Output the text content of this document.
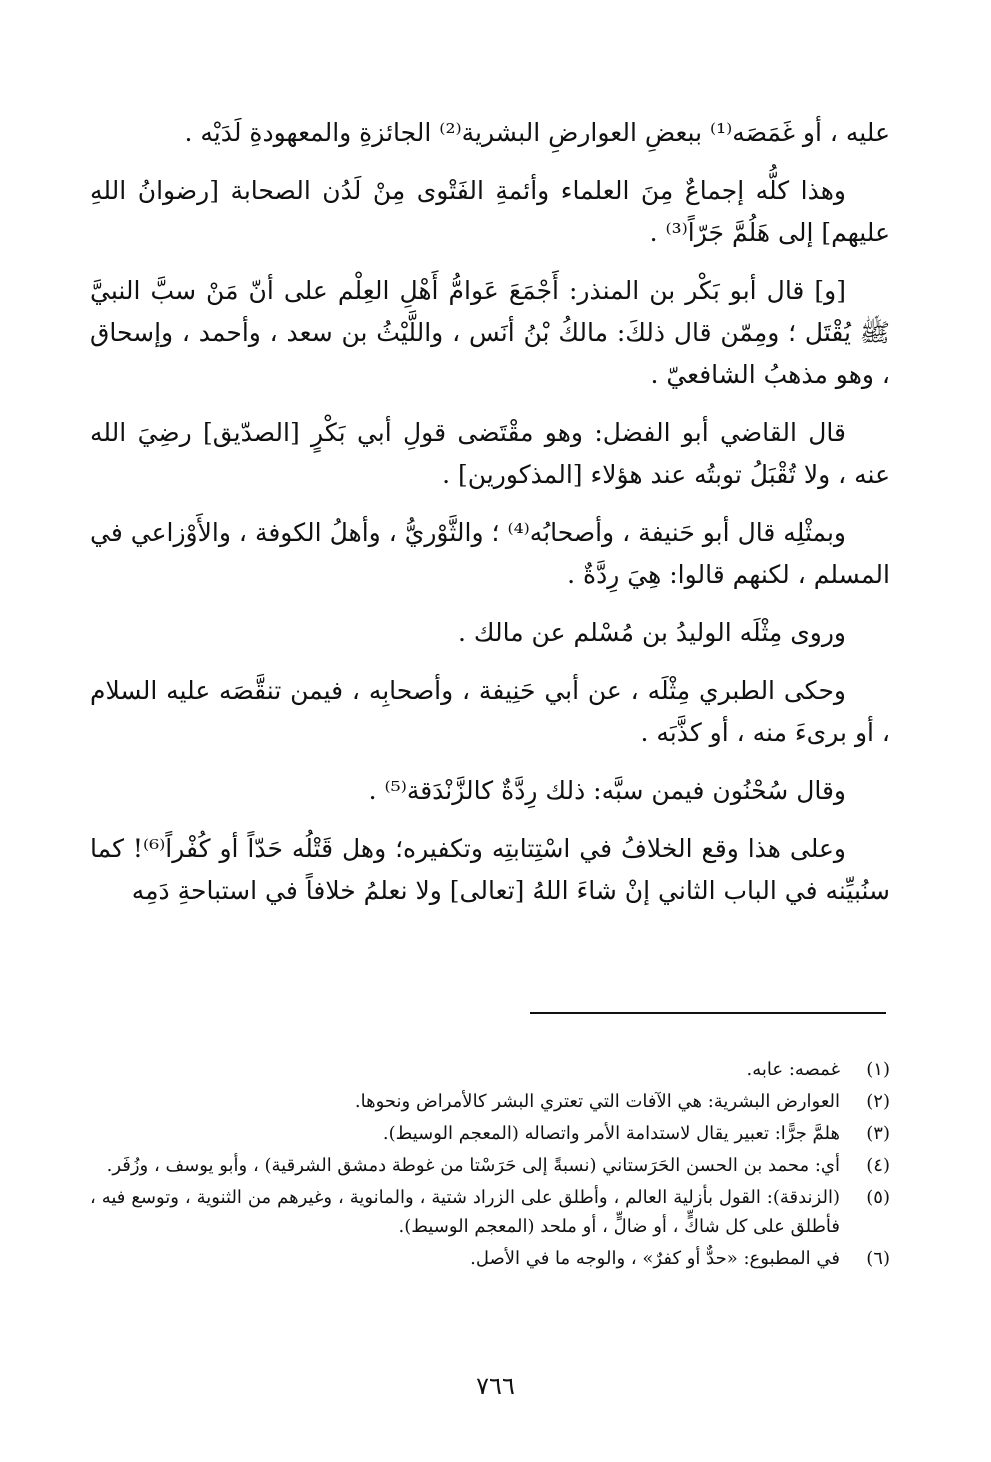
عليه ، أو غَمَصَه⁽¹⁾ ببعضِ العوارضِ البشرية⁽²⁾ الجائزةِ والمعهودةِ لَدَيْه .

وهذا كلُّه إجماعٌ مِنَ العلماء وأئمةِ الفَتْوى مِنْ لَدُن الصحابة [رضوانُ اللهِ عليهم] إلى هَلُمَّ جَرّاً⁽³⁾ .

[و] قال أبو بَكْر بن المنذر: أَجْمَعَ عَوامُّ أَهْلِ العِلْم على أنّ مَنْ سبَّ النبيَّ ﷺ يُقْتَل ؛ ومِمّن قال ذلكَ: مالكُ بْنُ أنَس ، واللَّيْثُ بن سعد ، وأحمد ، وإسحاق ، وهو مذهبُ الشافعيّ .

قال القاضي أبو الفضل: وهو مقْتَضى قولِ أبي بَكْرٍ [الصدّيق] رضِيَ الله عنه ، ولا تُقْبَلُ توبتُه عند هؤلاء [المذكورين] .

وبمثْلِه قال أبو حَنيفة ، وأصحابُه⁽⁴⁾ ؛ والثَّوْريُّ ، وأهلُ الكوفة ، والأَوْزاعي في المسلم ، لكنهم قالوا: هِيَ رِدَّةٌ .

وروى مِثْلَه الوليدُ بن مُسْلم عن مالك .

وحكى الطبري مِثْلَه ، عن أبي حَنِيفة ، وأصحابِه ، فيمن تنقَّصَه عليه السلام ، أو برىءَ منه ، أو كذَّبَه .

وقال سُحْنُون فيمن سبَّه: ذلك رِدَّةٌ كالزَّنْدَقة⁽⁵⁾ .

وعلى هذا وقع الخلافُ في اسْتِتابتِه وتكفيره؛ وهل قَتْلُه حَدّاً أو كُفْراً⁽⁶⁾! كما سنُبيِّنه في الباب الثاني إنْ شاءَ اللهُ [تعالى] ولا نعلمُ خلافاً في استباحةِ دَمِه

(١)
غمصه: عابه.
(٢)
العوارض البشرية: هي الآفات التي تعتري البشر كالأمراض ونحوها.
(٣)
هلمَّ جرًّا: تعبير يقال لاستدامة الأمر واتصاله (المعجم الوسيط).
(٤)
أي: محمد بن الحسن الحَرَستاني (نسبةً إلى حَرَسْتا من غوطة دمشق الشرقية) ، وأبو يوسف ، وزُفَر.
(٥)
(الزندقة): القول بأزلية العالم ، وأطلق على الزراد شتية ، والمانوية ، وغيرهم من الثنوية ، وتوسع فيه ، فأطلق على كل شاكٍّ ، أو ضالٍّ ، أو ملحد (المعجم الوسيط).
(٦)
في المطبوع: «حدٌّ أو كفرٌ» ، والوجه ما في الأصل.
٧٦٦
